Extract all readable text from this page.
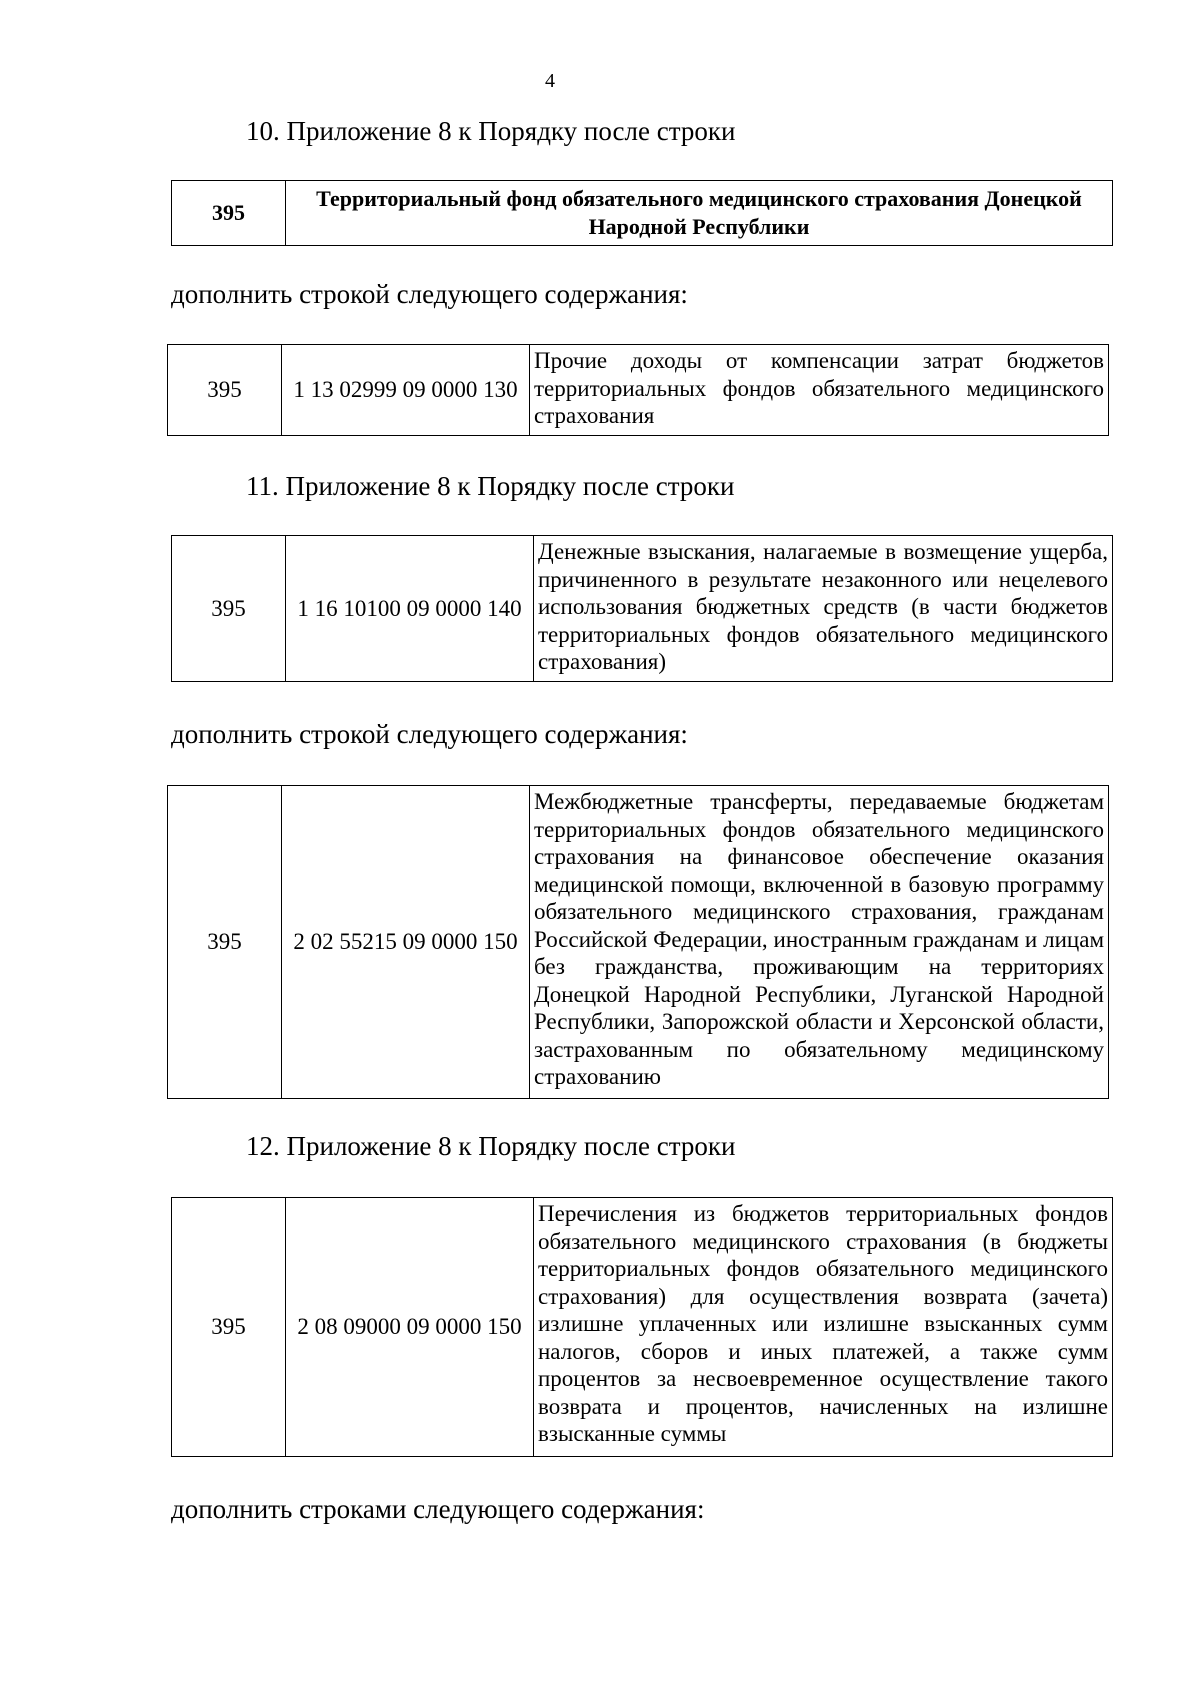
4
10. Приложение 8 к Порядку после строки
395	Территориальный фонд обязательного медицинского страхования Донецкой Народной Республики
дополнить строкой следующего содержания:
395	1 13 02999 09 0000 130	Прочие доходы от компенсации затрат бюджетов территориальных фондов обязательного медицинского страхования
11. Приложение 8 к Порядку после строки
395	1 16 10100 09 0000 140	Денежные взыскания, налагаемые в возмещение ущерба, причиненного в результате незаконного или нецелевого использования бюджетных средств (в части бюджетов территориальных фондов обязательного медицинского страхования)
дополнить строкой следующего содержания:
395	2 02 55215 09 0000 150	Межбюджетные трансферты, передаваемые бюджетам территориальных фондов обязательного медицинского страхования на финансовое обеспечение оказания медицинской помощи, включенной в базовую программу обязательного медицинского страхования, гражданам Российской Федерации, иностранным гражданам и лицам без гражданства, проживающим на территориях Донецкой Народной Республики, Луганской Народной Республики, Запорожской области и Херсонской области, застрахованным по обязательному медицинскому страхованию
12. Приложение 8 к Порядку после строки
395	2 08 09000 09 0000 150	Перечисления из бюджетов территориальных фондов обязательного медицинского страхования (в бюджеты территориальных фондов обязательного медицинского страхования) для осуществления возврата (зачета) излишне уплаченных или излишне взысканных сумм налогов, сборов и иных платежей, а также сумм процентов за несвоевременное осуществление такого возврата и процентов, начисленных на излишне взысканные суммы
дополнить строками следующего содержания:
